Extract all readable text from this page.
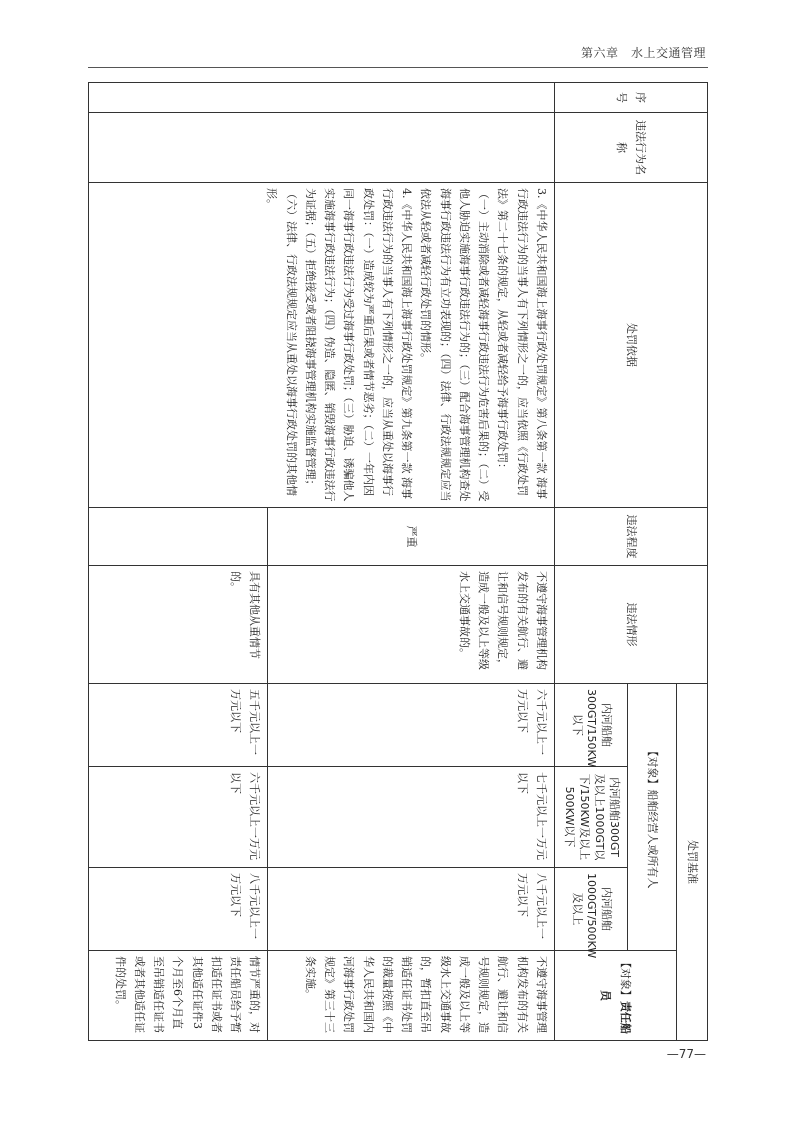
第六章　水上交通管理
序号	违法行为名称	处罚依据	违法程度	违法情形	处罚基准			
					【对象】船舶经营人或所有人			【对象】责任船员
					内河船舶300GT/150KW以下	内河船舶300GT及以上1000GT以下/150KW及以上500KW以下	内河船舶1000GT/500KW及以上	

		3.《中华人民共和国海上海事行政处罚规定》第八条第一款 海事行政违法行为的当事人有下列情形之一的，应当依照《行政处罚法》第二十七条的规定，从轻或者减轻给予海事行政处罚：

（一）主动消除或者减轻海事行政违法行为危害后果的；（二）受他人胁迫实施海事行政违法行为的；（三）配合海事管理机构查处海事行政违法行为有立功表现的；（四）法律、行政法规规定应当依法从轻或者减轻行政处罚的情形。

4.《中华人民共和国海上海事行政处罚规定》第九条第一款 海事行政违法行为的当事人有下列情形之一的，应当从重处以海事行政处罚：（一）造成较为严重后果或者情节恶劣；（二）一年内因同一海事行政违法行为受过海事行政处罚；（三）胁迫、诱骗他人实施海事行政违法行为；（四）伪造、隐匿、销毁海事行政违法行为证据；（五）拒绝接受或者阻挠海事管理机构实施监督管理；（六）法律、行政法规规定应当从重处以海事行政处罚的其他情形。	严重	不遵守海事管理机构发布的有关航行、避让和信号规则规定，造成一般及以上等级水上交通事故的。	六千元以上一万元以下	七千元以上一万元以下	八千元以上一万元以下	不遵守海事管理机构发布的有关航行、避让和信号规则规定，造成一般及以上等级水上交通事故的，暂扣直至吊销适任证书处罚的裁量按照《中华人民共和国内河海事行政处罚规定》第三十三条实施。
				具有其他从重情节的。	五千元以上一万元以下	六千元以上一万元以下	八千元以上一万元以下	情节严重的，对责任船员给予暂扣适任证书或者其他适任证件3个月至6个月直至吊销适任证书或者其他适任证件的处罚。
—77—
